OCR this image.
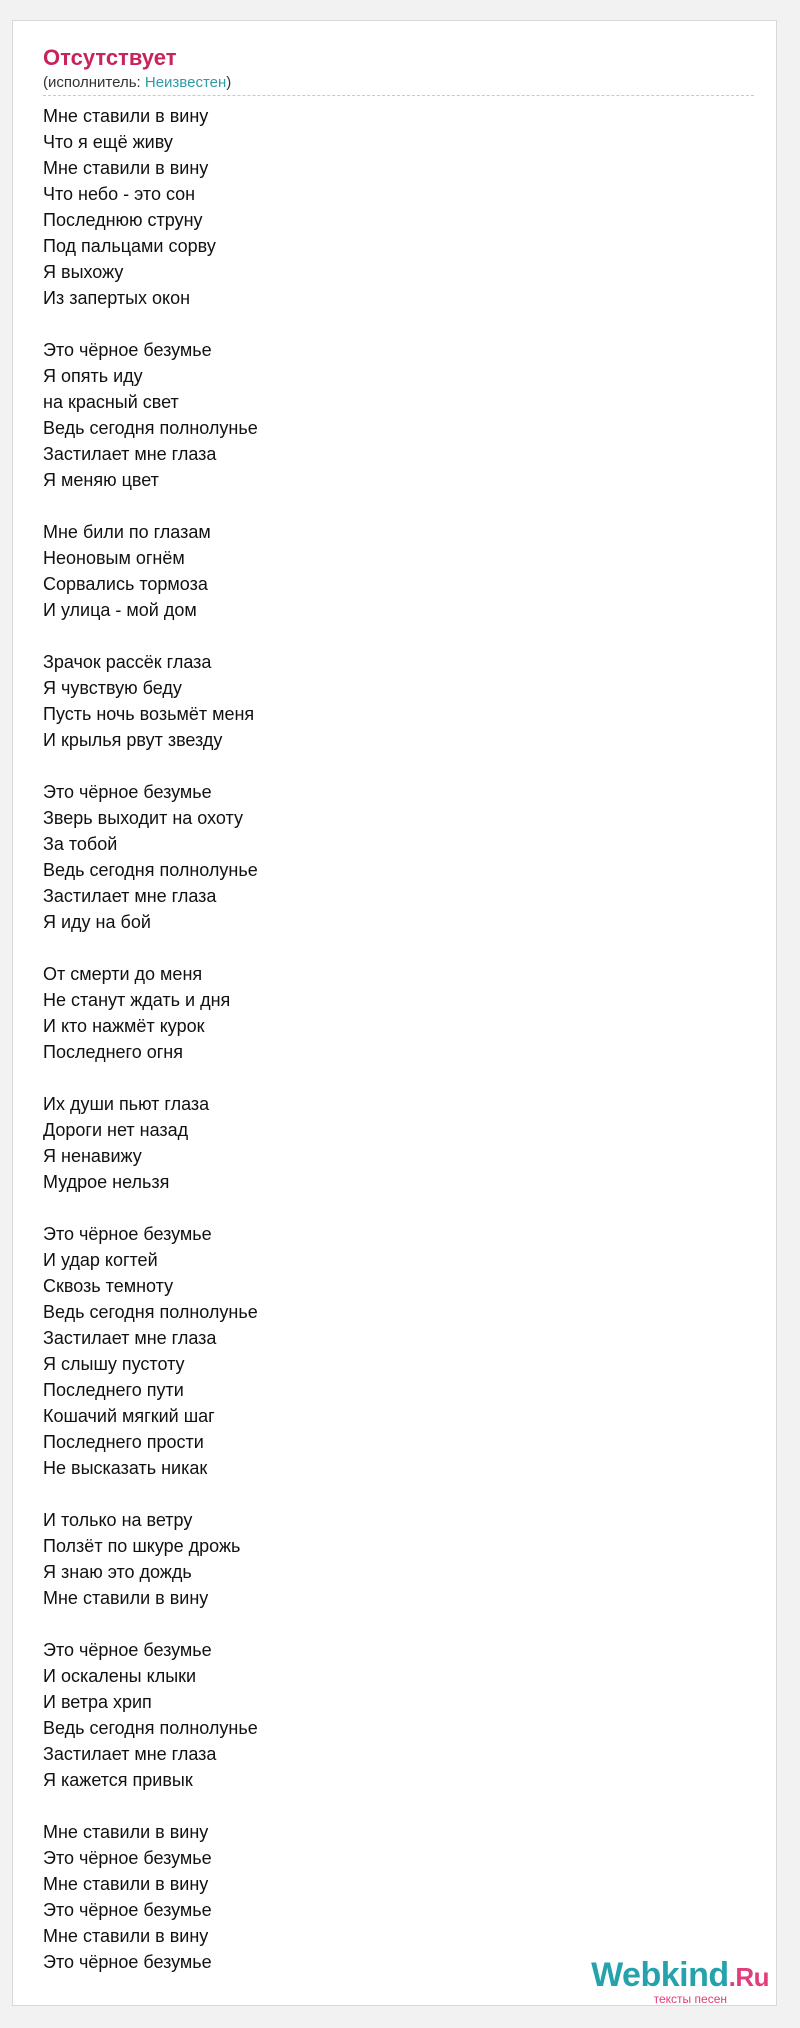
Отсутствует
(исполнитель: Неизвестен)
Мне ставили в вину
Что я ещё живу
Мне ставили в вину
Что небо - это сон
Последнюю струну
Под пальцами сорву
Я выхожу
Из запертых окон
Это чёрное безумье
Я опять иду
на красный свет
Ведь сегодня полнолунье
Застилает мне глаза
Я меняю цвет
Мне били по глазам
Неоновым огнём
Сорвались тормоза
И улица - мой дом
Зрачок рассёк глаза
Я чувствую беду
Пусть ночь возьмёт меня
И крылья рвут звезду
Это чёрное безумье
Зверь выходит на охоту
За тобой
Ведь сегодня полнолунье
Застилает мне глаза
Я иду на бой
От смерти до меня
Не станут ждать и дня
И кто нажмёт курок
Последнего огня
Их души пьют глаза
Дороги нет назад
Я ненавижу
Мудрое нельзя
Это чёрное безумье
И удар когтей
Сквозь темноту
Ведь сегодня полнолунье
Застилает мне глаза
Я слышу пустоту
Последнего пути
Кошачий мягкий шаг
Последнего прости
Не высказать никак
И только на ветру
Ползёт по шкуре дрожь
Я знаю это дождь
Мне ставили в вину
Это чёрное безумье
И оскалены клыки
И ветра хрип
Ведь сегодня полнолунье
Застилает мне глаза
Я кажется привык
Мне ставили в вину
Это чёрное безумье
Мне ставили в вину
Это чёрное безумье
Мне ставили в вину
Это чёрное безумье	Webkind.Ru
тексты песен
